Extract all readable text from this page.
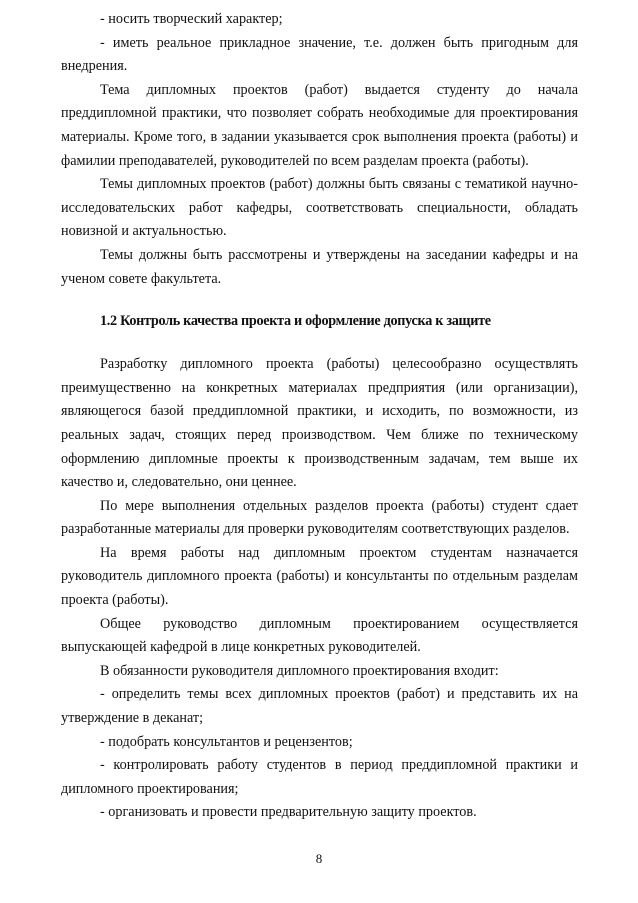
- носить творческий характер;

- иметь реальное прикладное значение, т.е. должен быть пригодным для внедрения.

Тема дипломных проектов (работ) выдается студенту до начала преддипломной практики, что позволяет собрать необходимые для проектирования материалы. Кроме того, в задании указывается срок выполнения проекта (работы) и фамилии преподавателей, руководителей по всем разделам проекта (работы).

Темы дипломных проектов (работ) должны быть связаны с тематикой научно-исследовательских работ кафедры, соответствовать специальности, обладать новизной и актуальностью.

Темы должны быть рассмотрены и утверждены на заседании кафедры и на ученом совете факультета.

1.2 Контроль качества проекта и оформление допуска к защите

Разработку дипломного проекта (работы) целесообразно осуществлять преимущественно на конкретных материалах предприятия (или организации), являющегося базой преддипломной практики, и исходить, по возможности, из реальных задач, стоящих перед производством. Чем ближе по техническому оформлению дипломные проекты к производственным задачам, тем выше их качество и, следовательно, они ценнее.

По мере выполнения отдельных разделов проекта (работы) студент сдает разработанные материалы для проверки руководителям соответствующих разделов.

На время работы над дипломным проектом студентам назначается руководитель дипломного проекта (работы) и консультанты по отдельным разделам проекта (работы).

Общее руководство дипломным проектированием осуществляется выпускающей кафедрой в лице конкретных руководителей.

В обязанности руководителя дипломного проектирования входит:

- определить темы всех дипломных проектов (работ) и представить их на утверждение в деканат;

- подобрать консультантов и рецензентов;

- контролировать работу студентов в период преддипломной практики и дипломного проектирования;

- организовать и провести предварительную защиту проектов.

8
